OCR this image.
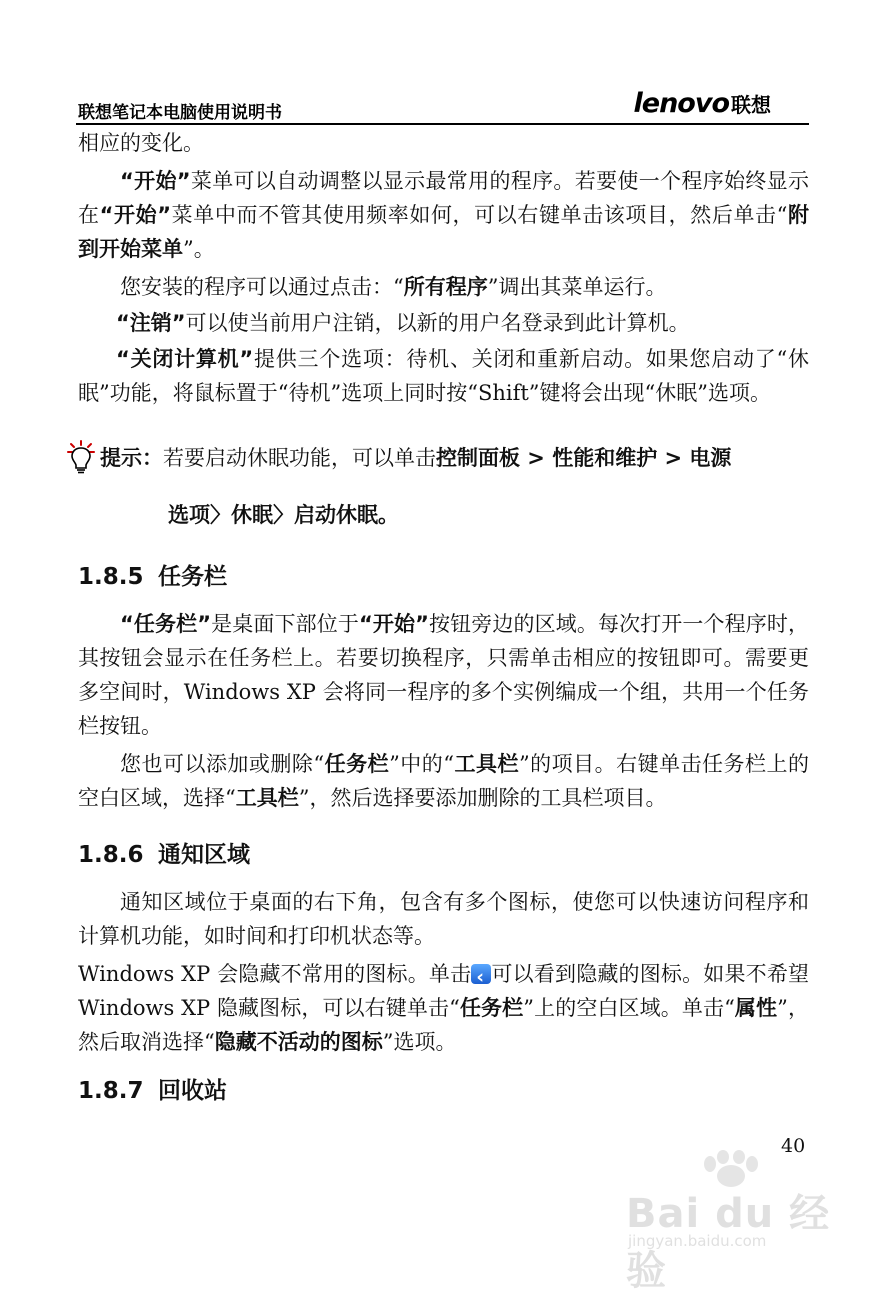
联想笔记本电脑使用说明书	lenovo 联想

相应的变化。

“开始”菜单可以自动调整以显示最常用的程序。若要使一个程序始终显示在“开始”菜单中而不管其使用频率如何，可以右键单击该项目，然后单击“附到开始菜单”。

您安装的程序可以通过点击：“所有程序”调出其菜单运行。

“注销”可以使当前用户注销，以新的用户名登录到此计算机。

“关闭计算机”提供三个选项：待机、关闭和重新启动。如果您启动了“休眠”功能，将鼠标置于“待机”选项上同时按“Shift”键将会出现“休眠”选项。

提示： 若要启动休眠功能，可以单击 控制面板 > 性能和维护 > 电源
选项〉休眠〉启动休眠。
1.8.5 任务栏

“任务栏”是桌面下部位于“开始”按钮旁边的区域。每次打开一个程序时，其按钮会显示在任务栏上。若要切换程序，只需单击相应的按钮即可。需要更多空间时，Windows XP 会将同一程序的多个实例编成一个组，共用一个任务栏按钮。

您也可以添加或删除“任务栏”中的“工具栏”的项目。右键单击任务栏上的空白区域，选择“工具栏”，然后选择要添加删除的工具栏项目。

1.8.6 通知区域

通知区域位于桌面的右下角，包含有多个图标，使您可以快速访问程序和计算机功能，如时间和打印机状态等。

Windows XP 会隐藏不常用的图标。单击‹ 可以看到隐藏的图标。如果不希望 Windows XP 隐藏图标，可以右键单击“任务栏”上的空白区域。单击“属性”，然后取消选择“隐藏不活动的图标”选项。

1.8.7 回收站
40
Bai du 经验
jingyan.baidu.com
